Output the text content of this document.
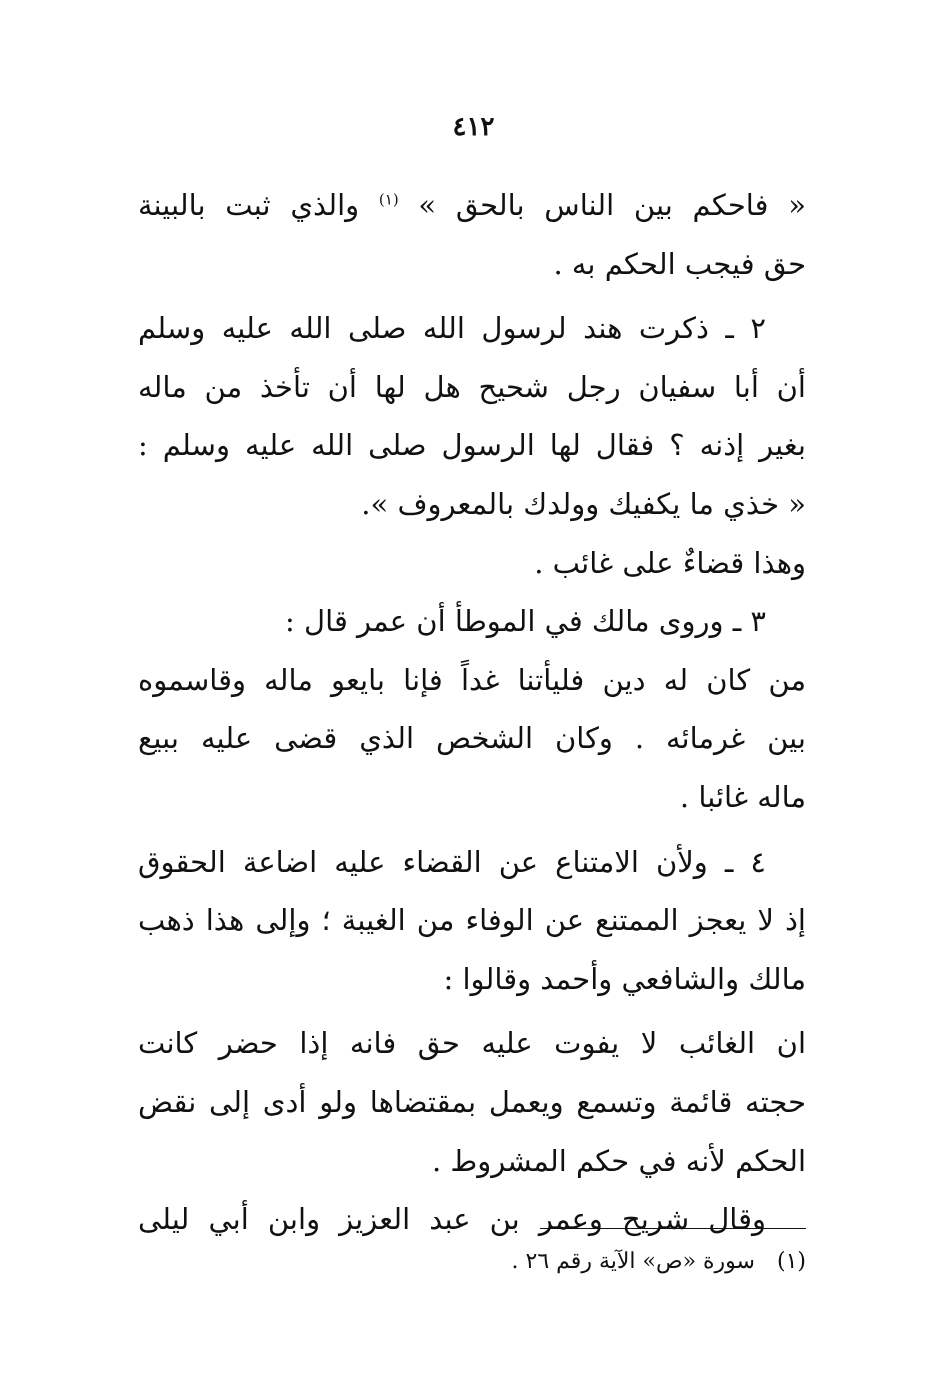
٤١٢
« فاحكم بين الناس بالحق » $^{(١)}$ والذي ثبت بالبينة
حق فيجب الحكم به .
٢ ـ ذكرت هند لرسول الله صلى الله عليه وسلم
أن أبا سفيان رجل شحيح هل لها أن تأخذ من ماله
بغير إذنه ؟ فقال لها الرسول صلى الله عليه وسلم :
« خذي ما يكفيك وولدك بالمعروف ».
وهذا قضاءٌ على غائب .
٣ ـ وروى مالك في الموطأ أن عمر قال :
من كان له دين فليأتنا غداً فإنا بايعو ماله وقاسموه
بين غرمائه . وكان الشخص الذي قضى عليه ببيع
ماله غائبا .
٤ ـ ولأن الامتناع عن القضاء عليه اضاعة الحقوق
إذ لا يعجز الممتنع عن الوفاء من الغيبة ؛ وإلى هذا ذهب
مالك والشافعي وأحمد وقالوا :
ان الغائب لا يفوت عليه حق فانه إذا حضر كانت
حجته قائمة وتسمع ويعمل بمقتضاها ولو أدى إلى نقض
الحكم لأنه في حكم المشروط .
وقال شريح وعمر بن عبد العزيز وابن أبي ليلى
(١)سورة «ص» الآية رقم ٢٦ .
